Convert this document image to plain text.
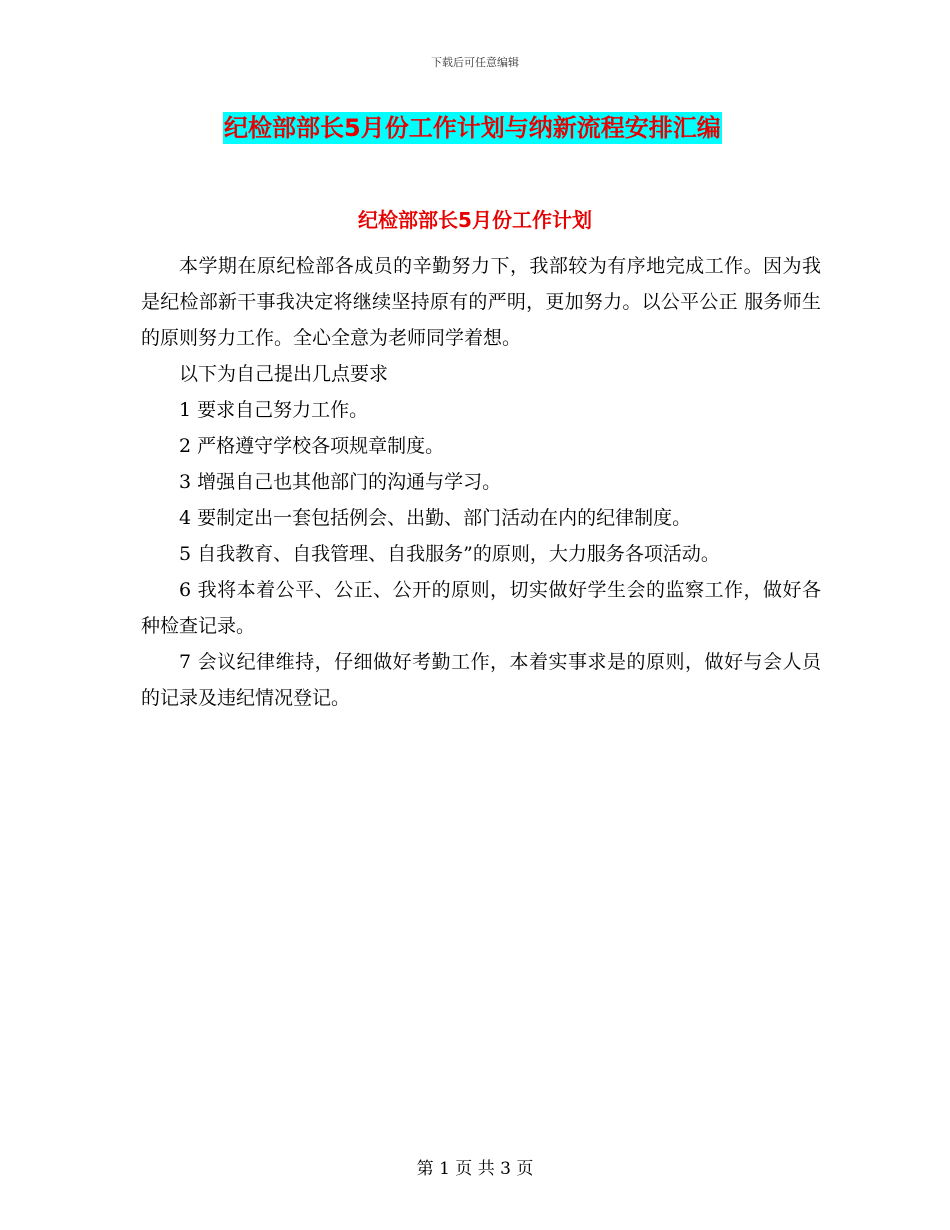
下载后可任意编辑
纪检部部长5月份工作计划与纳新流程安排汇编
纪检部部长5月份工作计划

本学期在原纪检部各成员的辛勤努力下，我部较为有序地完成工作。因为我是纪检部新干事我决定将继续坚持原有的严明，更加努力。以公平公正 服务师生的原则努力工作。全心全意为老师同学着想。

以下为自己提出几点要求

1 要求自己努力工作。

2 严格遵守学校各项规章制度。

3 增强自己也其他部门的沟通与学习。

4 要制定出一套包括例会、出勤、部门活动在内的纪律制度。

5 自我教育、自我管理、自我服务”的原则，大力服务各项活动。

6 我将本着公平、公正、公开的原则，切实做好学生会的监察工作，做好各种检查记录。

7 会议纪律维持，仔细做好考勤工作，本着实事求是的原则，做好与会人员的记录及违纪情况登记。

第 1 页 共 3 页
